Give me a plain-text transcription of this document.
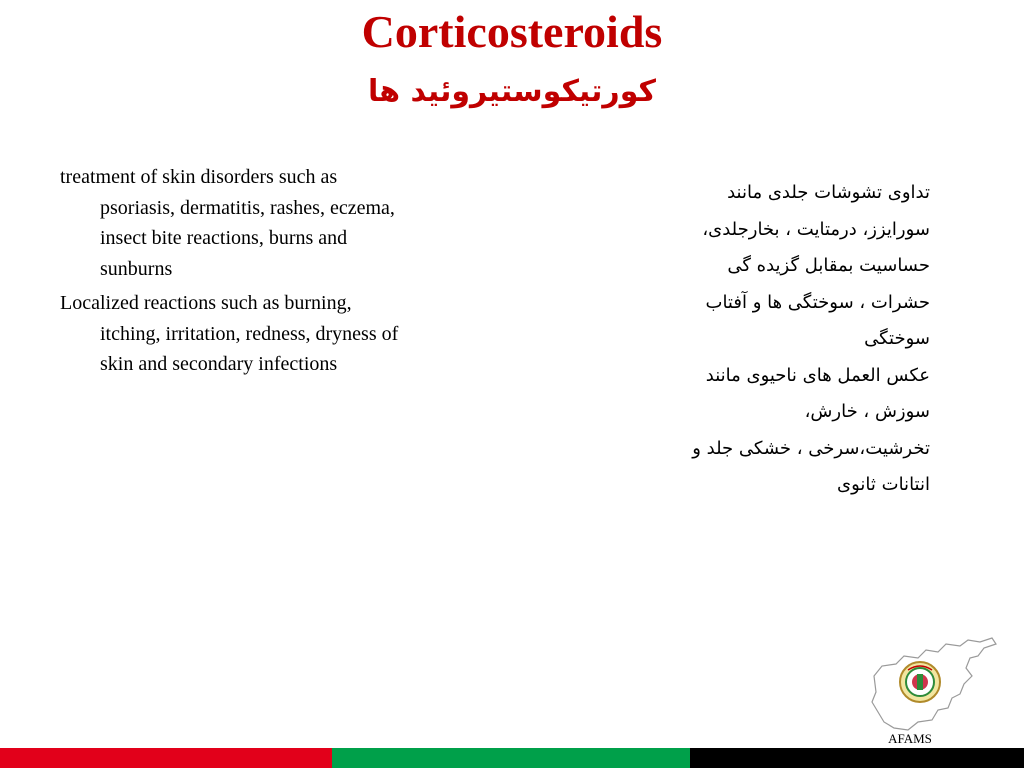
Corticosteroids
کورتیکوستیروئید ها

treatment of skin disorders such as psoriasis, dermatitis, rashes, eczema, insect bite reactions, burns and sunburns

Localized reactions such as burning, itching, irritation, redness, dryness of skin and secondary infections

تداوی تشوشات جلدی مانند
سورایزز، درمتایت ، بخارجلدی،
حساسیت بمقابل گزیده گی
حشرات ، سوختگی ها و آفتاب
سوختگی
عکس العمل های ناحیوی مانند
سوزش ، خارش،
تخرشیت،سرخی ، خشکی جلد و
انتانات ثانوی
AFAMS
